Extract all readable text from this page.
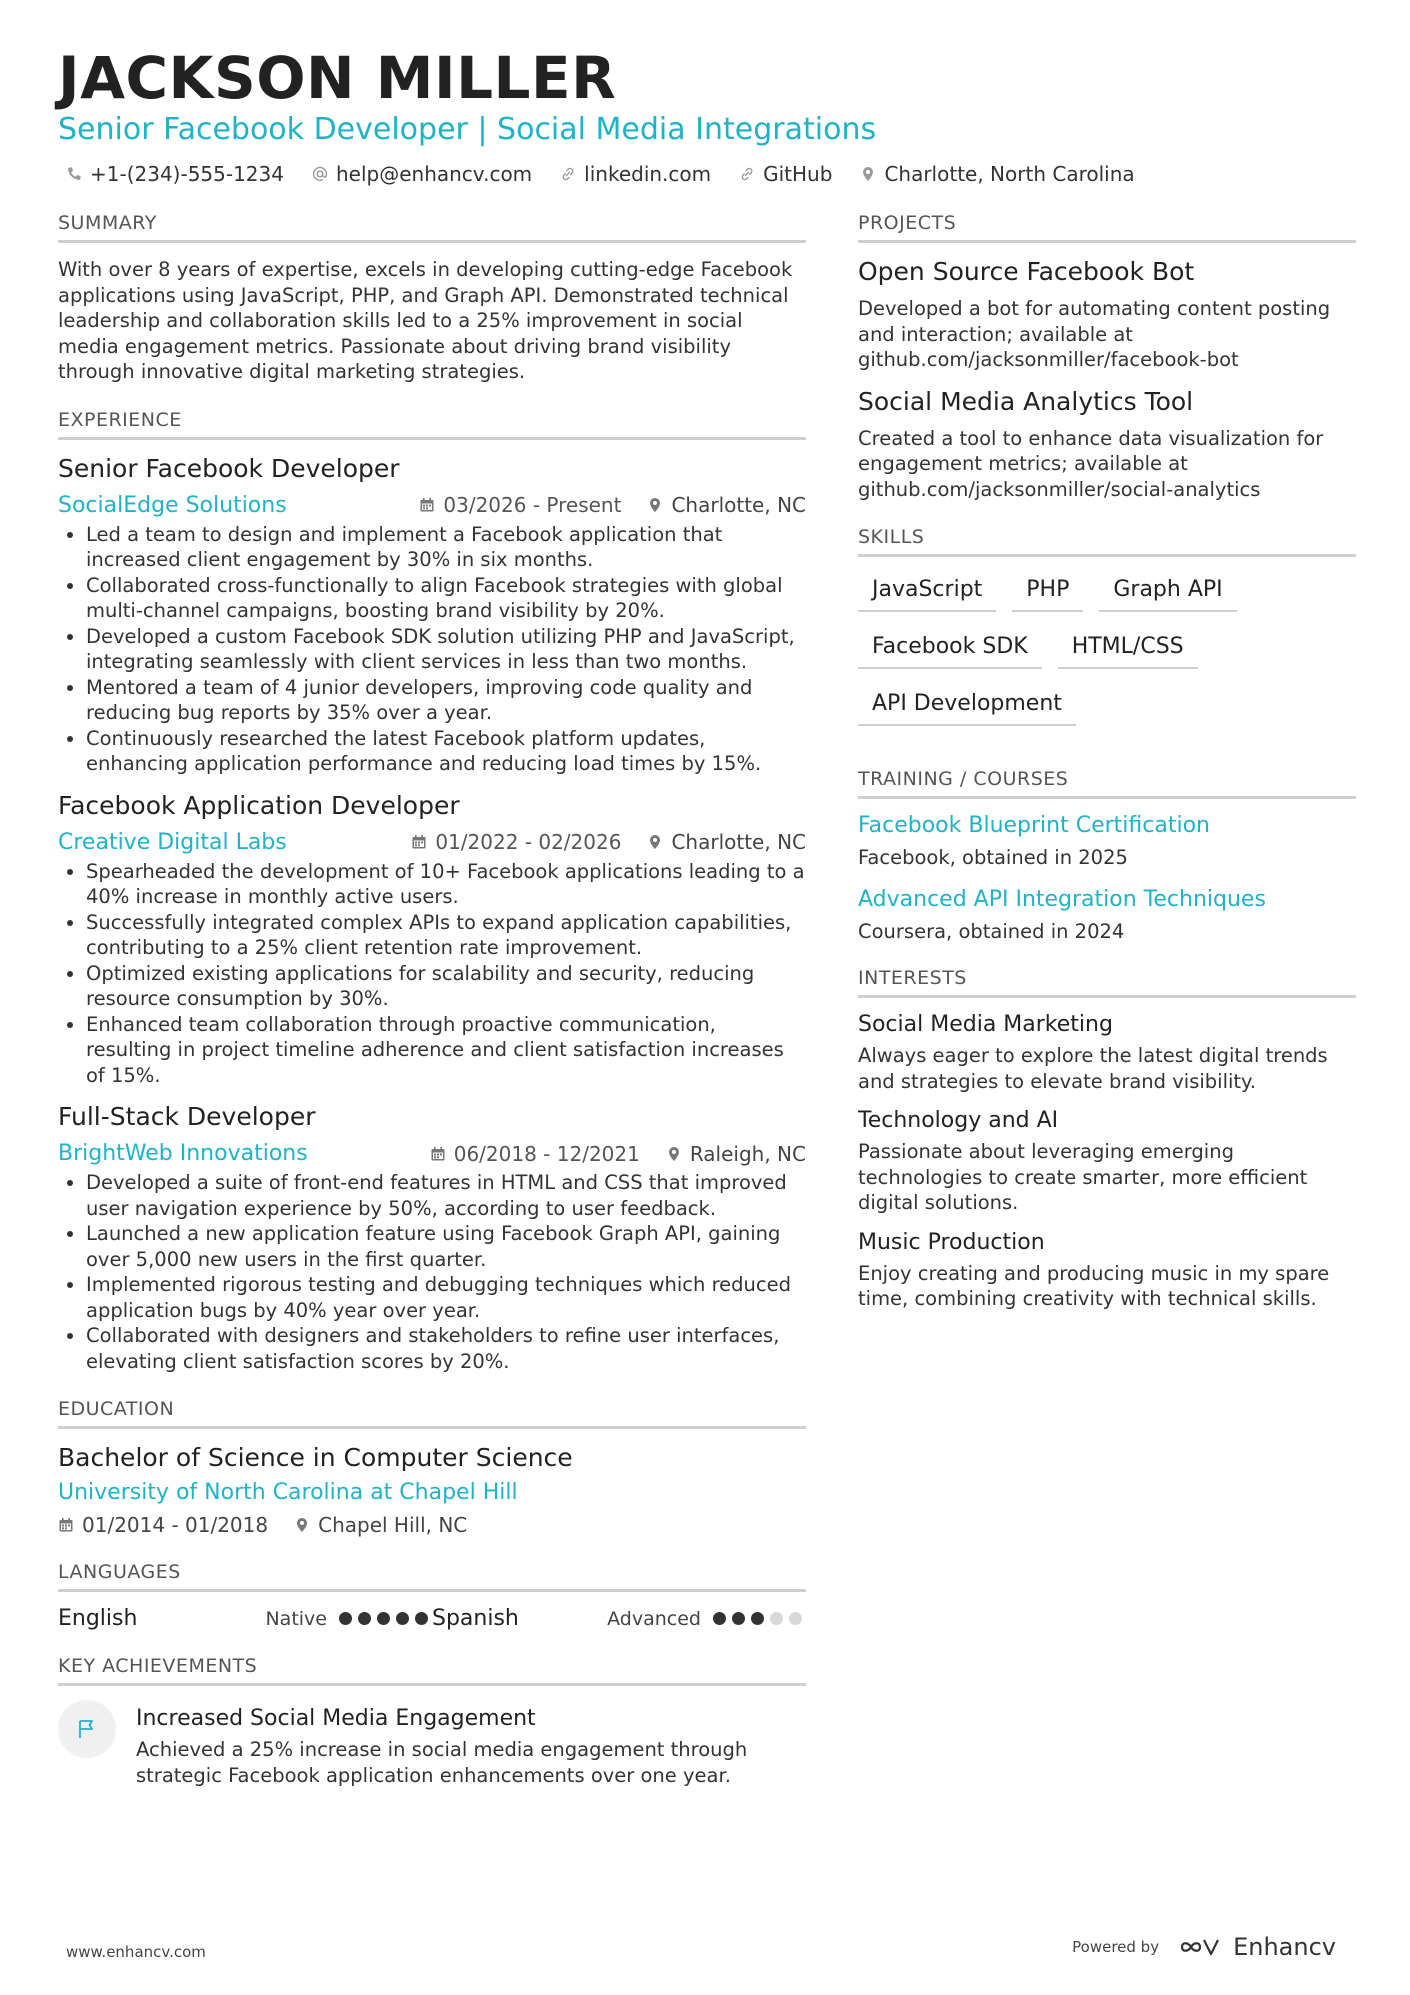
JACKSON MILLER
Senior Facebook Developer | Social Media Integrations
+1-(234)-555-1234	help@enhancv.com	linkedin.com	GitHub	Charlotte, North Carolina
SUMMARY
With over 8 years of expertise, excels in developing cutting-edge Facebook applications using JavaScript, PHP, and Graph API. Demonstrated technical leadership and collaboration skills led to a 25% improvement in social media engagement metrics. Passionate about driving brand visibility through innovative digital marketing strategies.
EXPERIENCE
Senior Facebook Developer
SocialEdge Solutions	03/2026 - Present	Charlotte, NC
• Led a team to design and implement a Facebook application that increased client engagement by 30% in six months.
• Collaborated cross-functionally to align Facebook strategies with global multi-channel campaigns, boosting brand visibility by 20%.
• Developed a custom Facebook SDK solution utilizing PHP and JavaScript, integrating seamlessly with client services in less than two months.
• Mentored a team of 4 junior developers, improving code quality and reducing bug reports by 35% over a year.
• Continuously researched the latest Facebook platform updates, enhancing application performance and reducing load times by 15%.
Facebook Application Developer
Creative Digital Labs	01/2022 - 02/2026	Charlotte, NC
• Spearheaded the development of 10+ Facebook applications leading to a 40% increase in monthly active users.
• Successfully integrated complex APIs to expand application capabilities, contributing to a 25% client retention rate improvement.
• Optimized existing applications for scalability and security, reducing resource consumption by 30%.
• Enhanced team collaboration through proactive communication, resulting in project timeline adherence and client satisfaction increases of 15%.
Full-Stack Developer
BrightWeb Innovations	06/2018 - 12/2021	Raleigh, NC
• Developed a suite of front-end features in HTML and CSS that improved user navigation experience by 50%, according to user feedback.
• Launched a new application feature using Facebook Graph API, gaining over 5,000 new users in the first quarter.
• Implemented rigorous testing and debugging techniques which reduced application bugs by 40% year over year.
• Collaborated with designers and stakeholders to refine user interfaces, elevating client satisfaction scores by 20%.
EDUCATION
Bachelor of Science in Computer Science
University of North Carolina at Chapel Hill
01/2014 - 01/2018	Chapel Hill, NC
LANGUAGES
English	Native	Spanish	Advanced
KEY ACHIEVEMENTS
Increased Social Media Engagement
Achieved a 25% increase in social media engagement through strategic Facebook application enhancements over one year.
PROJECTS
Open Source Facebook Bot
Developed a bot for automating content posting and interaction; available at github.com/jacksonmiller/facebook-bot
Social Media Analytics Tool
Created a tool to enhance data visualization for engagement metrics; available at github.com/jacksonmiller/social-analytics
SKILLS
JavaScript	PHP	Graph API
Facebook SDK	HTML/CSS
API Development
TRAINING / COURSES
Facebook Blueprint Certification
Facebook, obtained in 2025
Advanced API Integration Techniques
Coursera, obtained in 2024
INTERESTS
Social Media Marketing
Always eager to explore the latest digital trends and strategies to elevate brand visibility.
Technology and AI
Passionate about leveraging emerging technologies to create smarter, more efficient digital solutions.
Music Production
Enjoy creating and producing music in my spare time, combining creativity with technical skills.
www.enhancv.com	Powered by	Enhancv
